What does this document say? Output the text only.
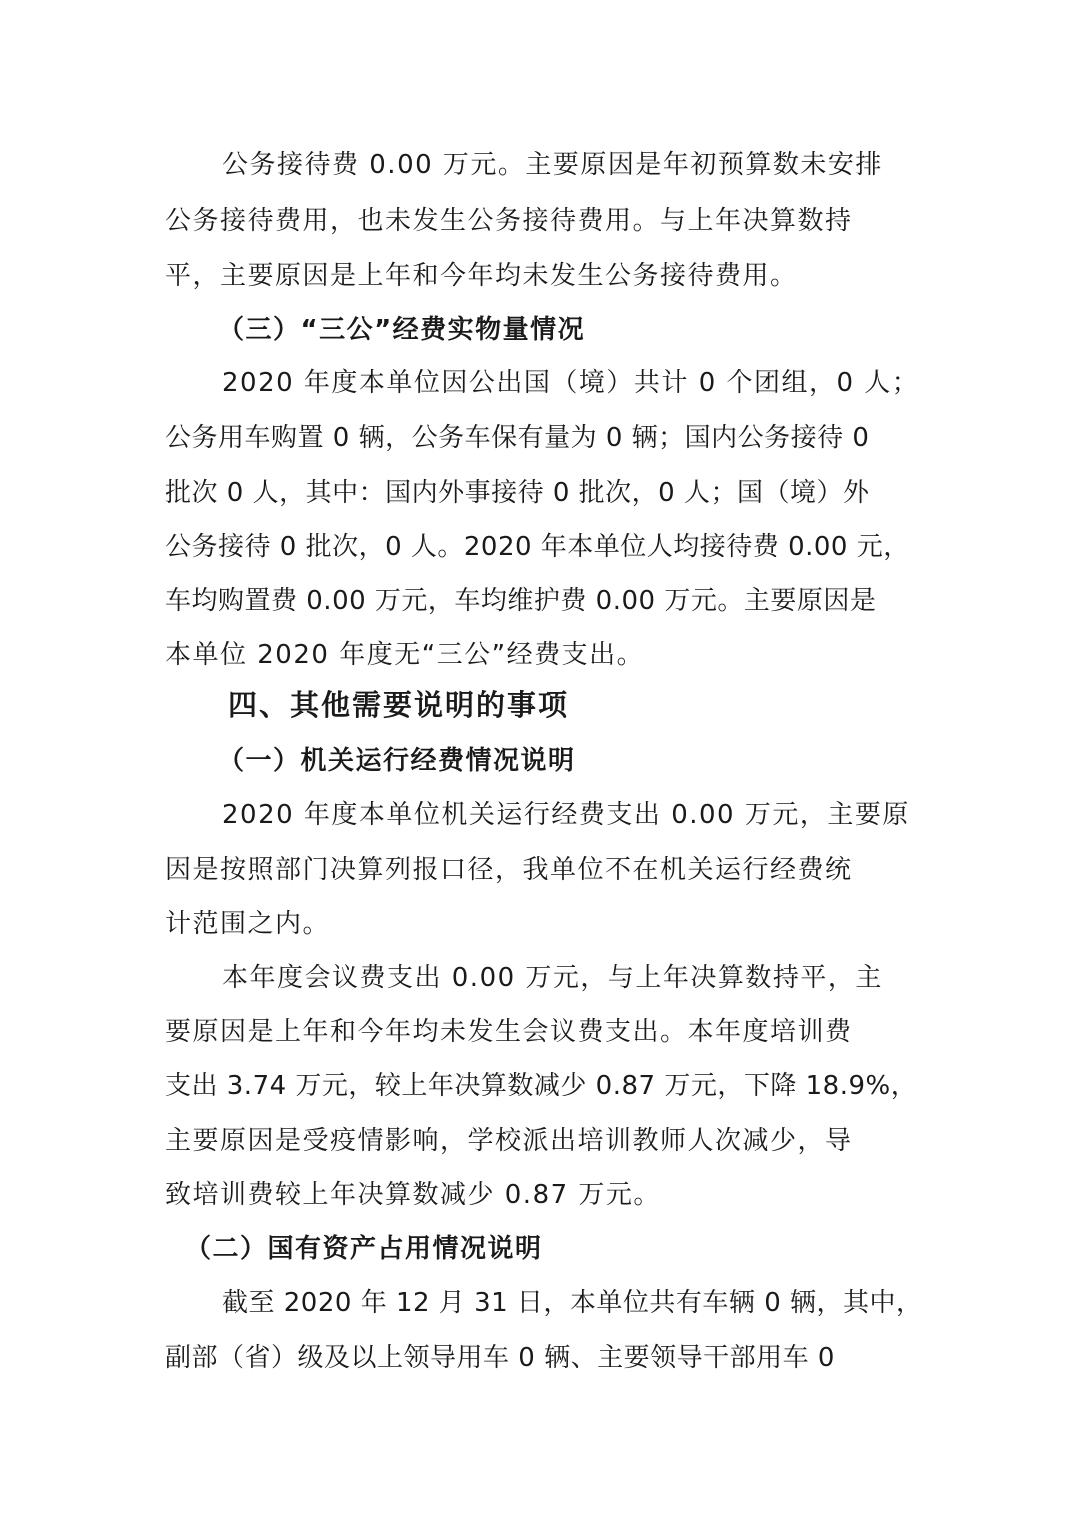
公务接待费 0.00 万元。主要原因是年初预算数未安排
公务接待费用，也未发生公务接待费用。与上年决算数持
平，主要原因是上年和今年均未发生公务接待费用。
（三）“三公”经费实物量情况
2020 年度本单位因公出国（境）共计 0 个团组，0 人；
公务用车购置 0 辆，公务车保有量为 0 辆；国内公务接待 0
批次 0 人，其中：国内外事接待 0 批次，0 人；国（境）外
公务接待 0 批次，0 人。2020 年本单位人均接待费 0.00 元，
车均购置费 0.00 万元，车均维护费 0.00 万元。主要原因是
本单位 2020 年度无“三公”经费支出。
四、其他需要说明的事项
（一）机关运行经费情况说明
2020 年度本单位机关运行经费支出 0.00 万元，主要原
因是按照部门决算列报口径，我单位不在机关运行经费统
计范围之内。
本年度会议费支出 0.00 万元，与上年决算数持平，主
要原因是上年和今年均未发生会议费支出。本年度培训费
支出 3.74 万元，较上年决算数减少 0.87 万元，下降 18.9%，
主要原因是受疫情影响，学校派出培训教师人次减少，导
致培训费较上年决算数减少 0.87 万元。
（二）国有资产占用情况说明
截至 2020 年 12 月 31 日，本单位共有车辆 0 辆，其中，
副部（省）级及以上领导用车 0 辆、主要领导干部用车 0
